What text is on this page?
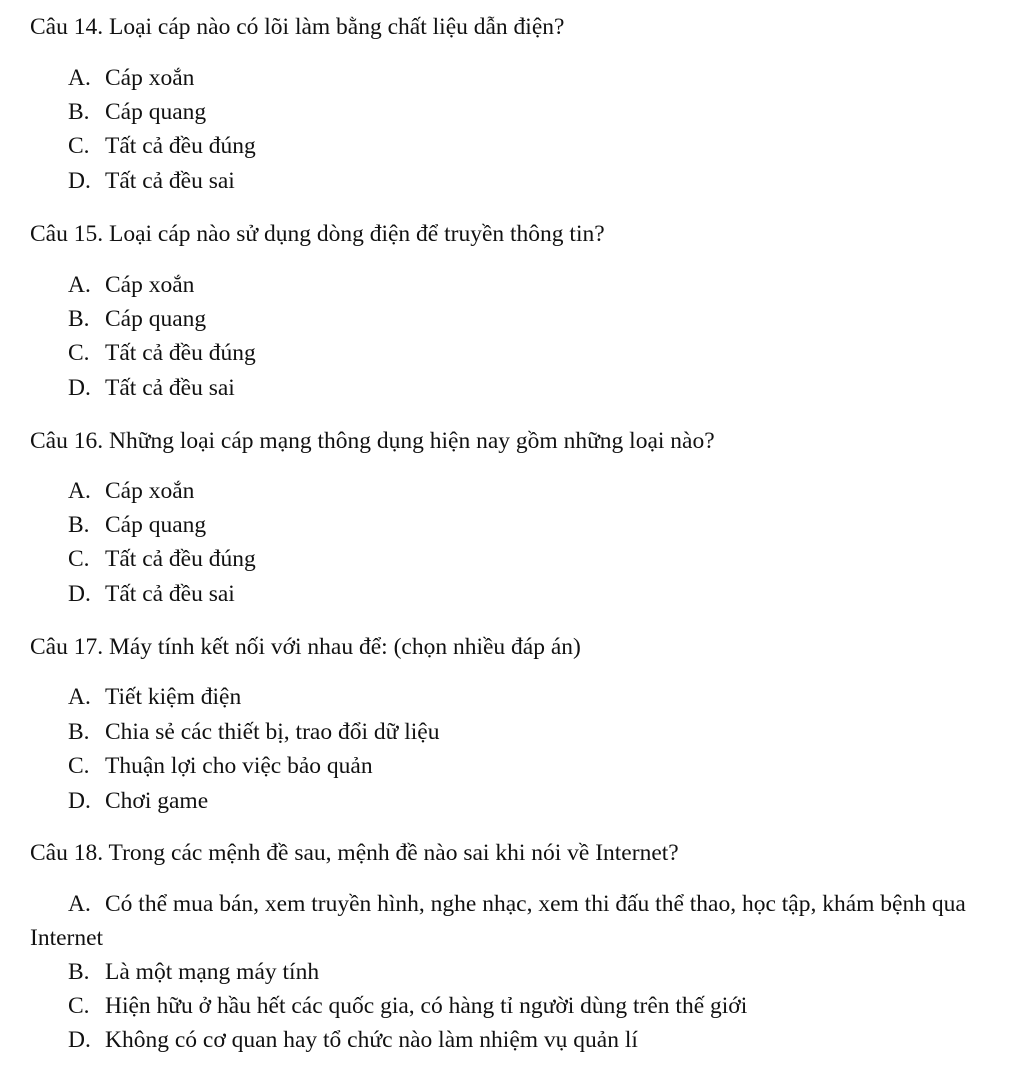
Câu 14. Loại cáp nào có lõi làm bằng chất liệu dẫn điện?
A. Cáp xoắn
B. Cáp quang
C. Tất cả đều đúng
D. Tất cả đều sai
Câu 15. Loại cáp nào sử dụng dòng điện để truyền thông tin?
A. Cáp xoắn
B. Cáp quang
C. Tất cả đều đúng
D. Tất cả đều sai
Câu 16. Những loại cáp mạng thông dụng hiện nay gồm những loại nào?
A. Cáp xoắn
B. Cáp quang
C. Tất cả đều đúng
D. Tất cả đều sai
Câu 17. Máy tính kết nối với nhau để: (chọn nhiều đáp án)
A. Tiết kiệm điện
B. Chia sẻ các thiết bị, trao đổi dữ liệu
C. Thuận lợi cho việc bảo quản
D. Chơi game
Câu 18. Trong các mệnh đề sau, mệnh đề nào sai khi nói về Internet?
A. Có thể mua bán, xem truyền hình, nghe nhạc, xem thi đấu thể thao, học tập, khám bệnh qua Internet
B. Là một mạng máy tính
C. Hiện hữu ở hầu hết các quốc gia, có hàng tỉ người dùng trên thế giới
D. Không có cơ quan hay tổ chức nào làm nhiệm vụ quản lí
